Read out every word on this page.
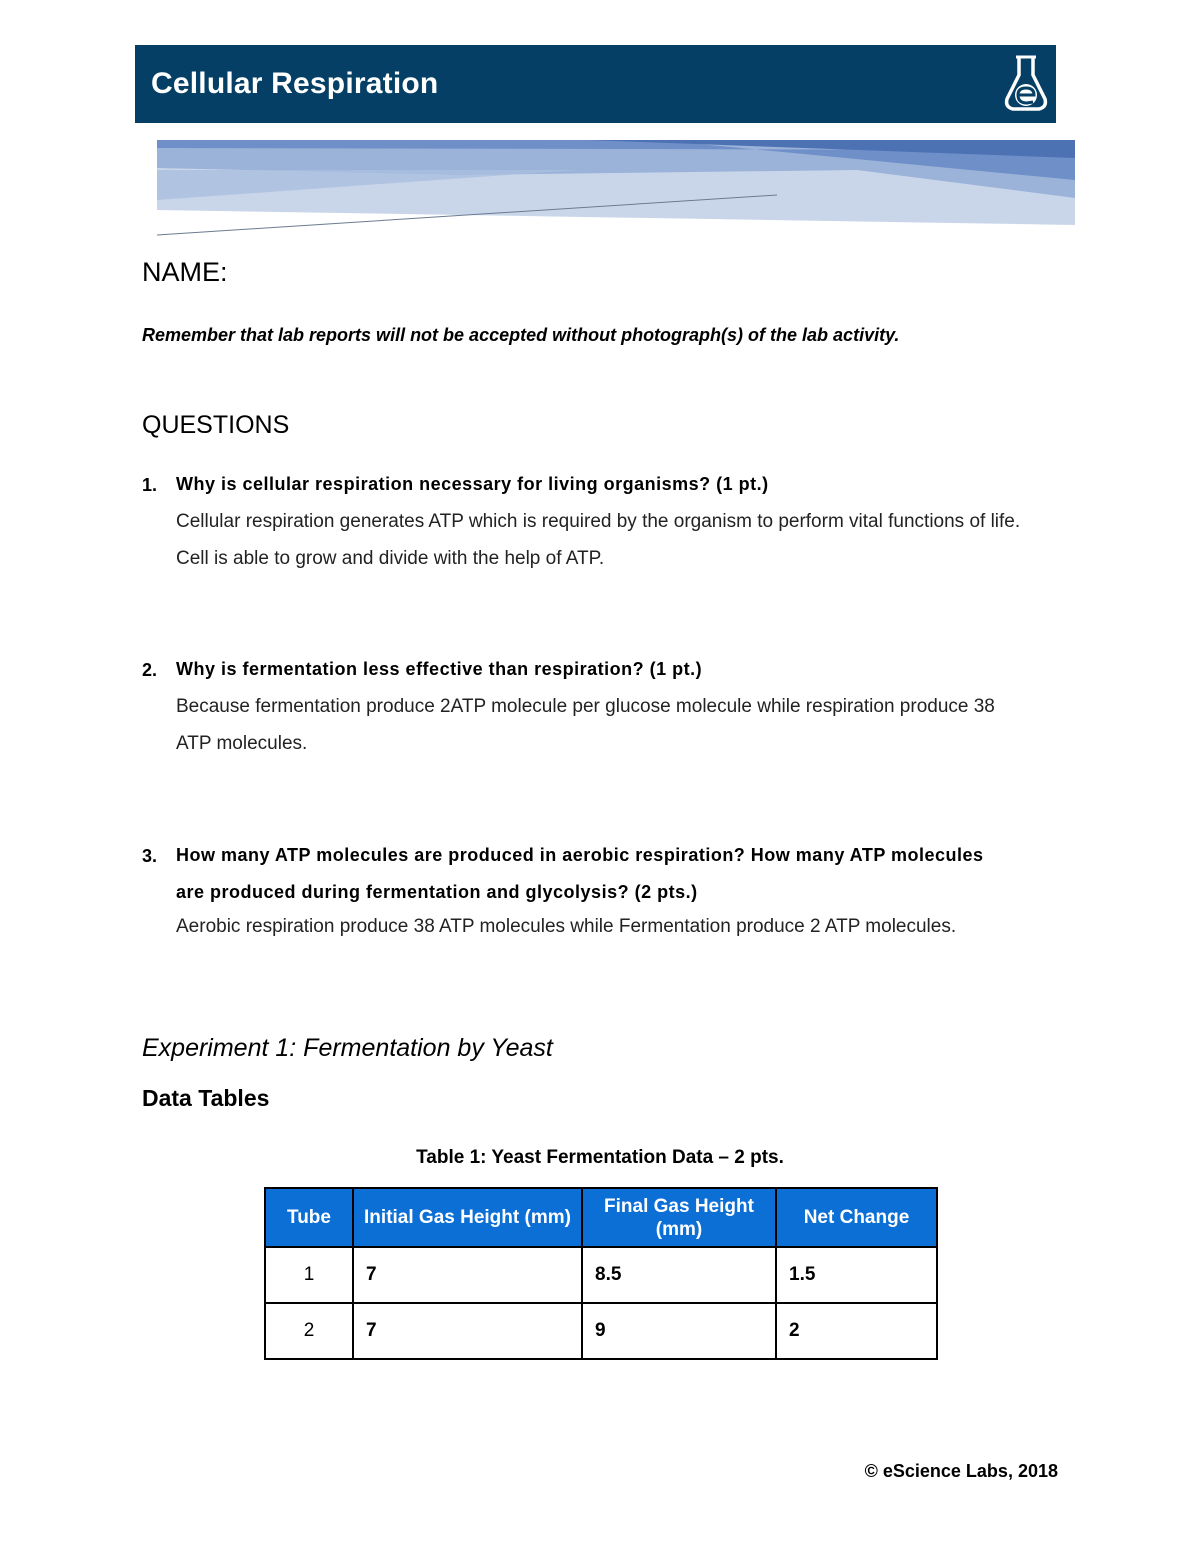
Cellular Respiration
NAME:
Remember that lab reports will not be accepted without photograph(s) of the lab activity.
QUESTIONS
1. Why is cellular respiration necessary for living organisms? (1 pt.)
Cellular respiration generates ATP which is required by the organism to perform vital functions of life. Cell is able to grow and divide with the help of ATP.
2. Why is fermentation less effective than respiration? (1 pt.)
Because fermentation produce 2ATP molecule per glucose molecule while respiration produce 38 ATP molecules.
3. How many ATP molecules are produced in aerobic respiration? How many ATP molecules are produced during fermentation and glycolysis? (2 pts.)
Aerobic respiration produce 38 ATP molecules while Fermentation produce 2 ATP molecules.
Experiment 1: Fermentation by Yeast
Data Tables
Table 1: Yeast Fermentation Data – 2 pts.
Tube	Initial Gas Height (mm)	Final Gas Height (mm)	Net Change
1	7	8.5	1.5
2	7	9	2
© eScience Labs, 2018
